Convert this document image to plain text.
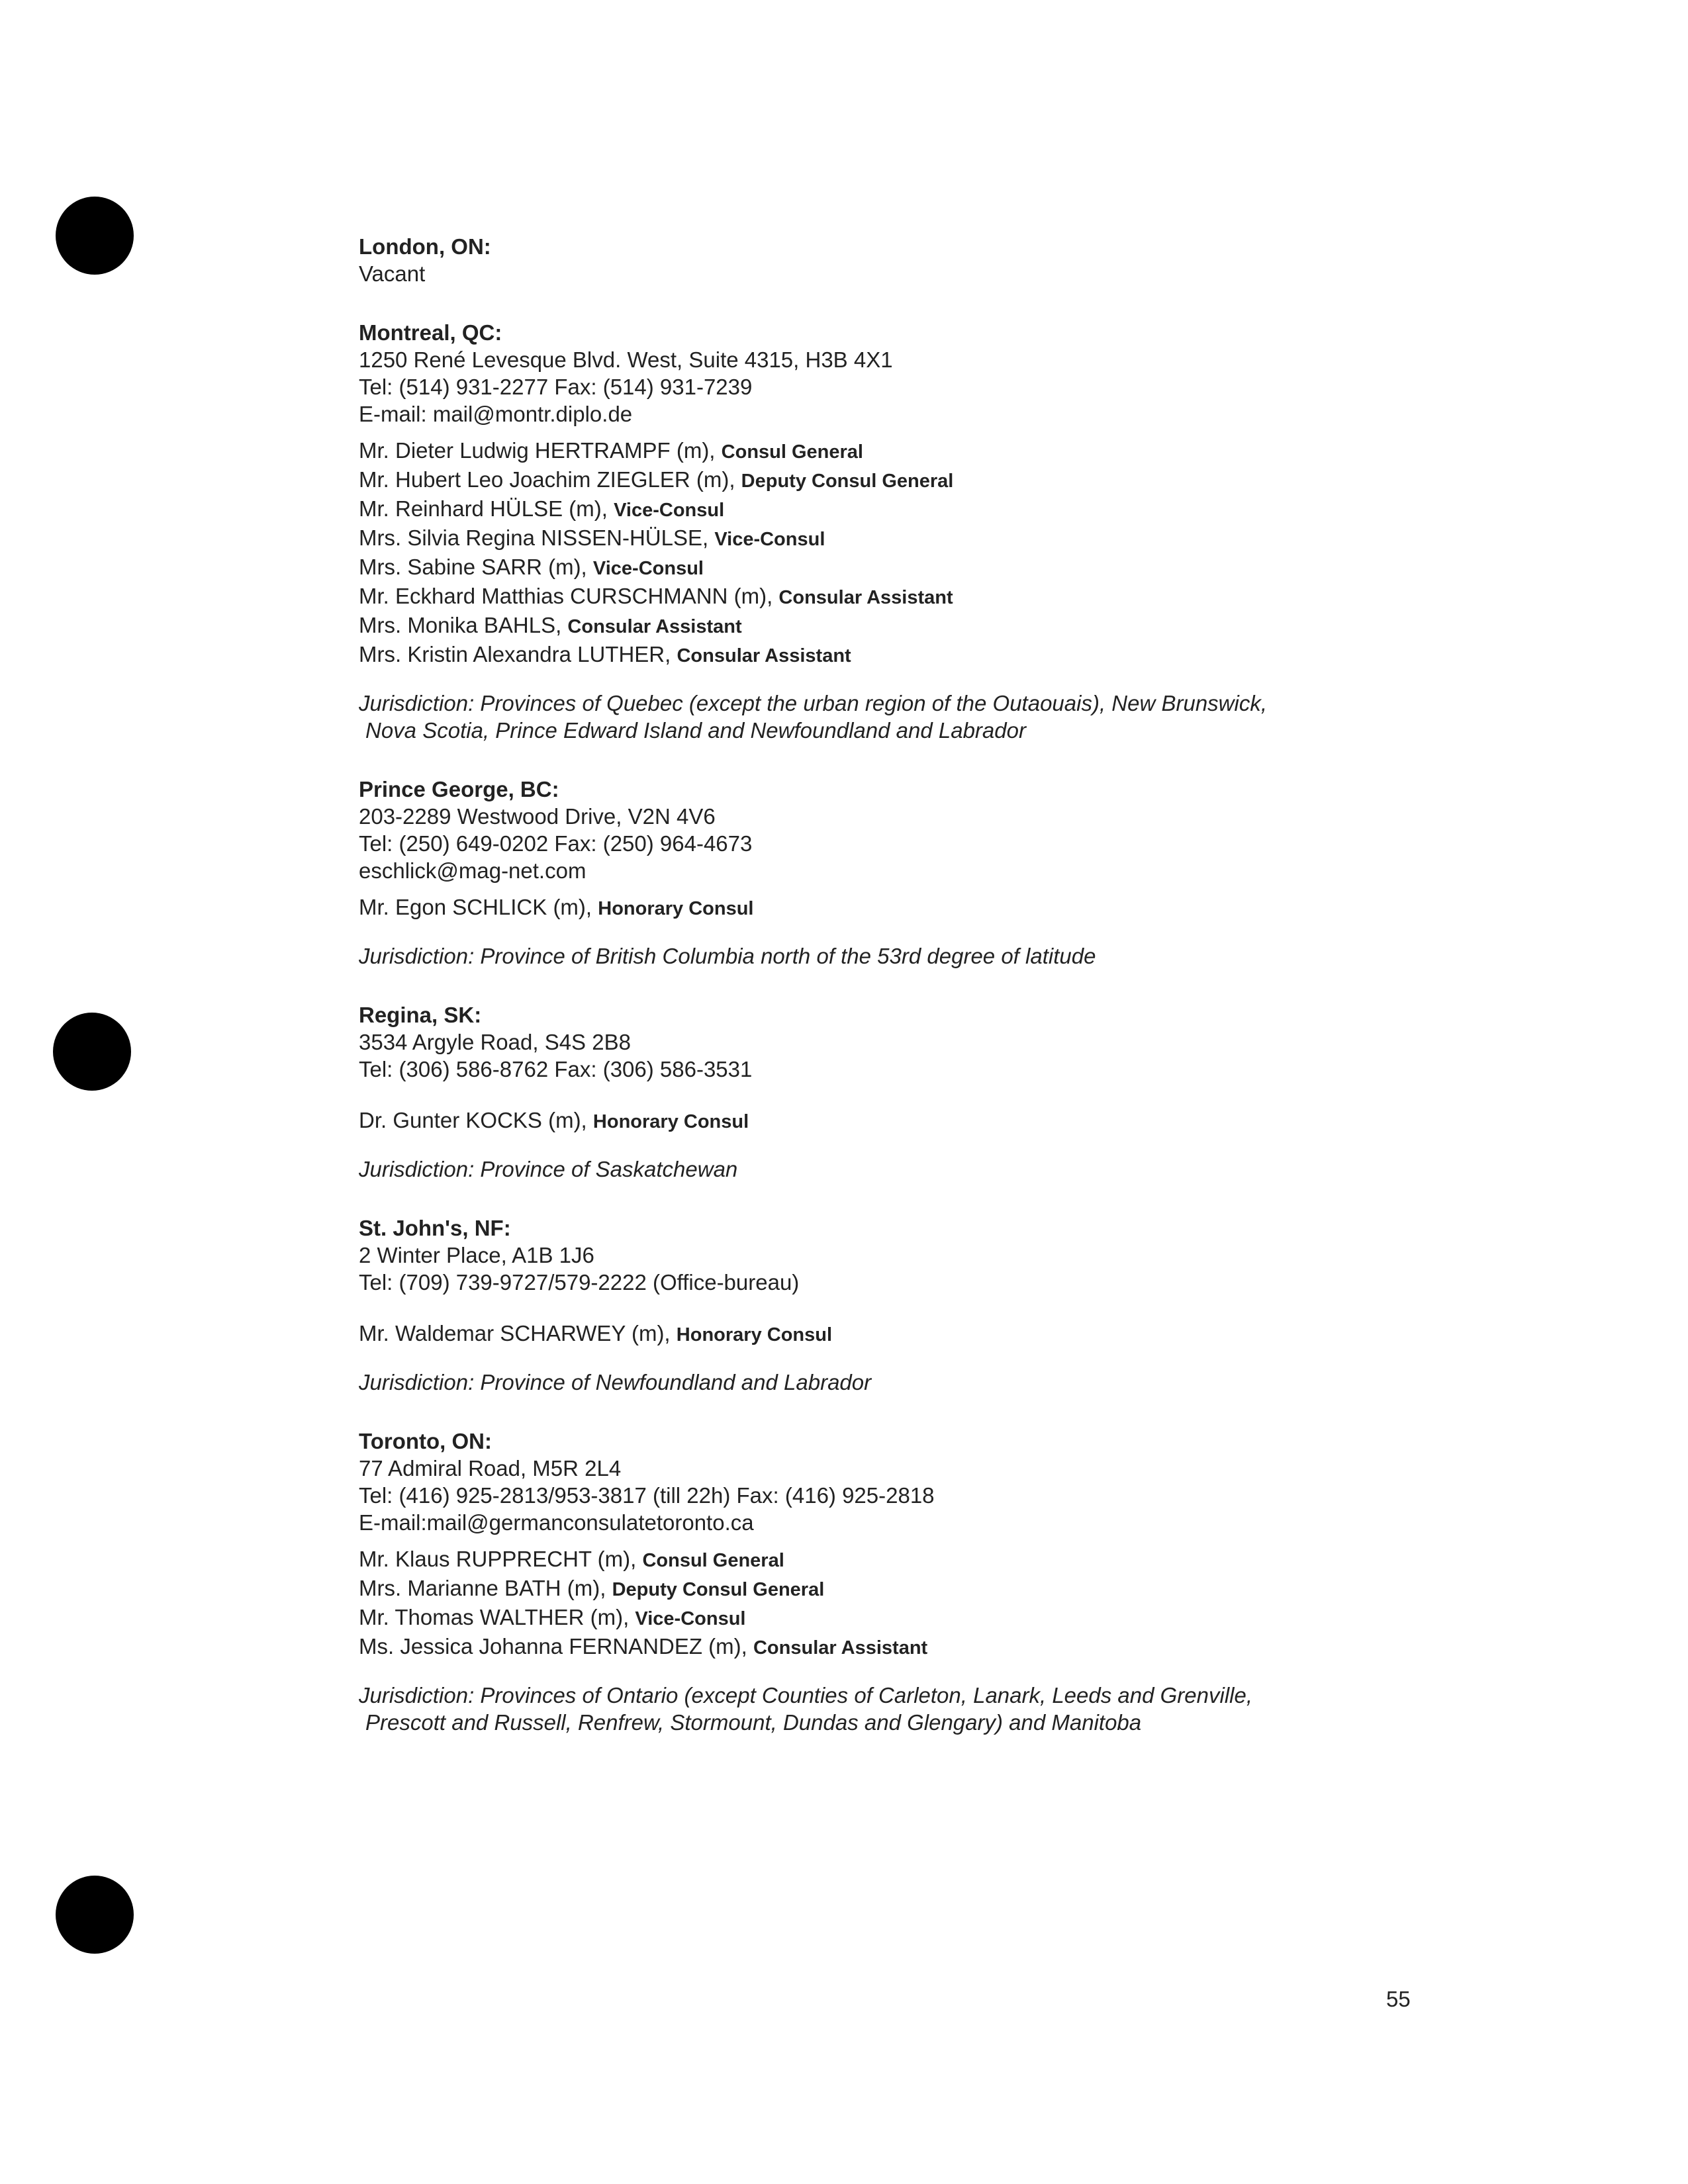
London, ON:
Vacant
Montreal, QC:
1250 René Levesque Blvd. West, Suite 4315, H3B 4X1
Tel: (514) 931-2277 Fax: (514) 931-7239
E-mail: mail@montr.diplo.de
Mr. Dieter Ludwig HERTRAMPF (m), Consul General
Mr. Hubert Leo Joachim ZIEGLER (m), Deputy Consul General
Mr. Reinhard HÜLSE (m), Vice-Consul
Mrs. Silvia Regina NISSEN-HÜLSE, Vice-Consul
Mrs. Sabine SARR (m), Vice-Consul
Mr. Eckhard Matthias CURSCHMANN (m), Consular Assistant
Mrs. Monika BAHLS, Consular Assistant
Mrs. Kristin Alexandra LUTHER, Consular Assistant
Jurisdiction: Provinces of Quebec (except the urban region of the Outaouais), New Brunswick,
Nova Scotia, Prince Edward Island and Newfoundland and Labrador
Prince George, BC:
203-2289 Westwood Drive, V2N 4V6
Tel: (250) 649-0202 Fax: (250) 964-4673
eschlick@mag-net.com
Mr. Egon SCHLICK (m), Honorary Consul
Jurisdiction: Province of British Columbia north of the 53rd degree of latitude
Regina, SK:
3534 Argyle Road, S4S 2B8
Tel: (306) 586-8762 Fax: (306) 586-3531
Dr. Gunter KOCKS (m), Honorary Consul
Jurisdiction: Province of Saskatchewan
St. John's, NF:
2 Winter Place, A1B 1J6
Tel: (709) 739-9727/579-2222 (Office-bureau)
Mr. Waldemar SCHARWEY (m), Honorary Consul
Jurisdiction: Province of Newfoundland and Labrador
Toronto, ON:
77 Admiral Road, M5R 2L4
Tel: (416) 925-2813/953-3817 (till 22h) Fax: (416) 925-2818
E-mail:mail@germanconsulatetoronto.ca
Mr. Klaus RUPPRECHT (m), Consul General
Mrs. Marianne BATH (m), Deputy Consul General
Mr. Thomas WALTHER (m), Vice-Consul
Ms. Jessica Johanna FERNANDEZ (m), Consular Assistant
Jurisdiction: Provinces of Ontario (except Counties of Carleton, Lanark, Leeds and Grenville,
Prescott and Russell, Renfrew, Stormount, Dundas and Glengary) and Manitoba
55
